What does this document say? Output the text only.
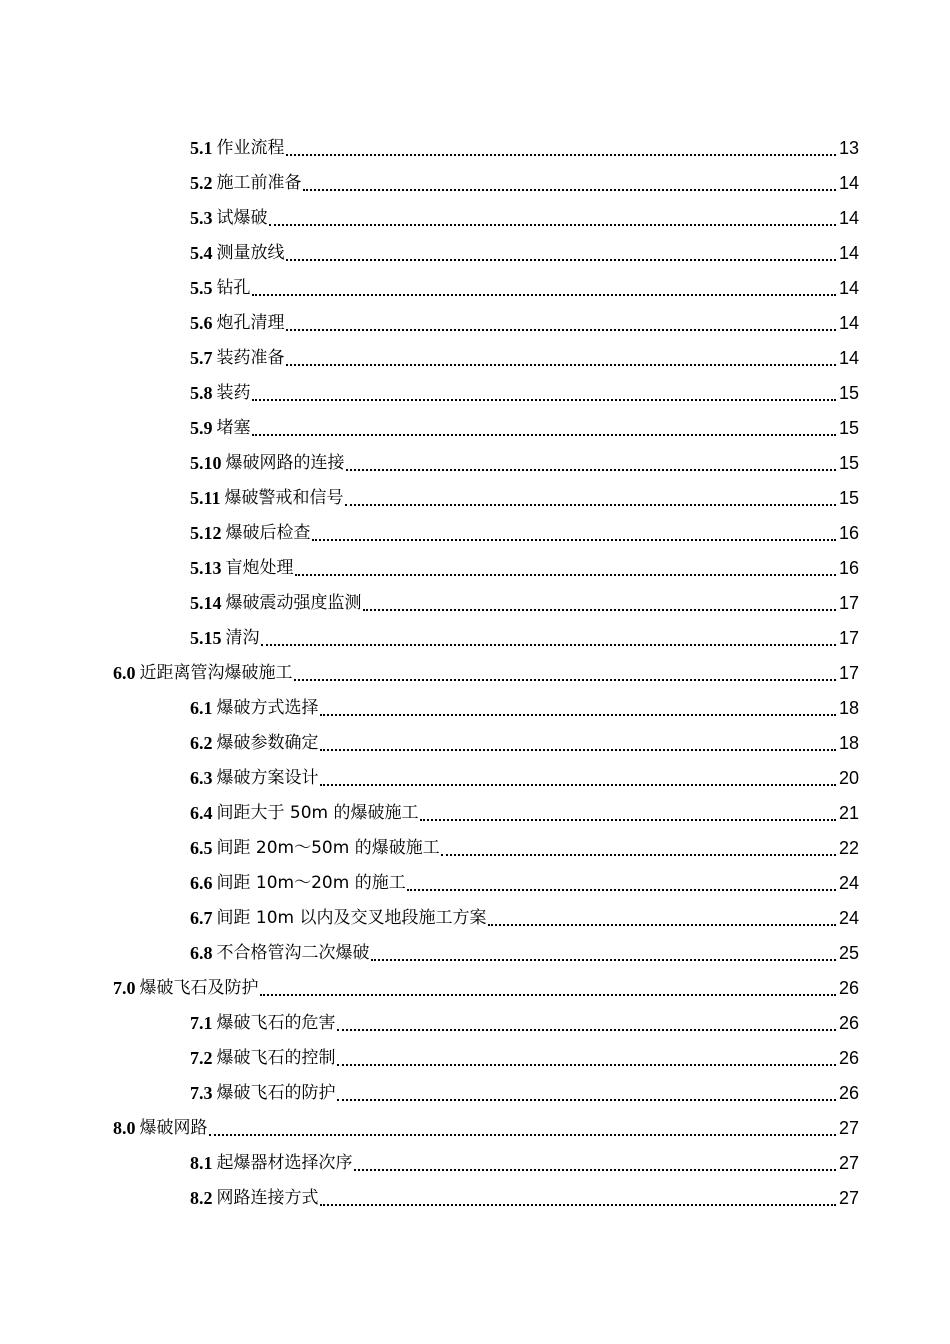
5.1 作业流程	13
5.2 施工前准备	14
5.3 试爆破	14
5.4 测量放线	14
5.5 钻孔	14
5.6 炮孔清理	14
5.7 装药准备	14
5.8 装药	15
5.9 堵塞	15
5.10 爆破网路的连接	15
5.11 爆破警戒和信号	15
5.12 爆破后检查	16
5.13 盲炮处理	16
5.14 爆破震动强度监测	17
5.15 清沟	17
6.0 近距离管沟爆破施工	17
6.1 爆破方式选择	18
6.2 爆破参数确定	18
6.3 爆破方案设计	20
6.4 间距大于 50m 的爆破施工	21
6.5 间距 20m～50m 的爆破施工	22
6.6 间距 10m～20m 的施工	24
6.7 间距 10m 以内及交叉地段施工方案	24
6.8 不合格管沟二次爆破	25
7.0 爆破飞石及防护	26
7.1 爆破飞石的危害	26
7.2 爆破飞石的控制	26
7.3 爆破飞石的防护	26
8.0 爆破网路	27
8.1 起爆器材选择次序	27
8.2 网路连接方式	27
